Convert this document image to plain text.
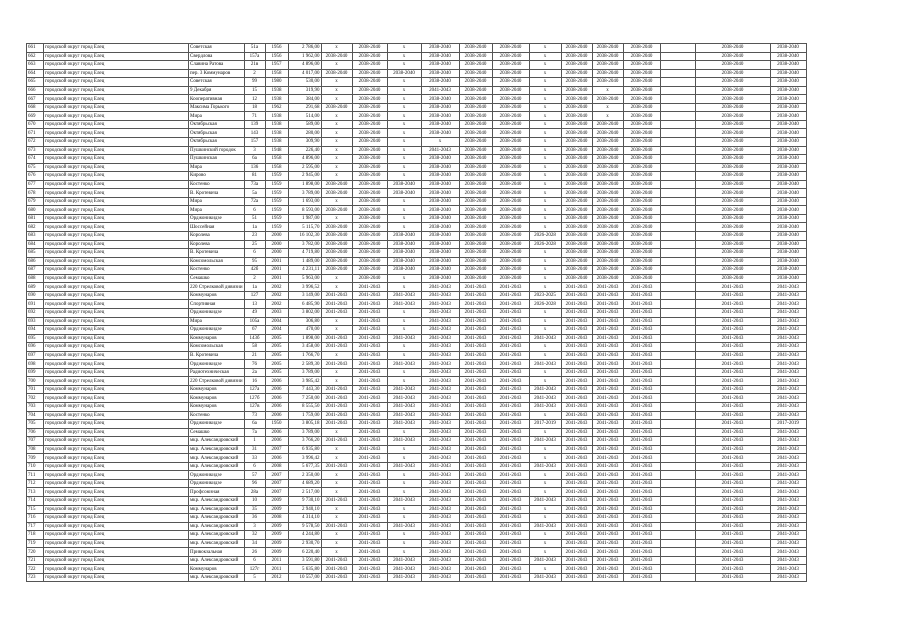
661	городской округ город Елец	Советская	51а	1956	2 786,00	x	2038-2040	x	2038-2040	2038-2040	2038-2040	x	2038-2040	2038-2040	2038-2040		2038-2040	2038-2040
662	городской округ город Елец	Свердлова	157а	1956	1 962,00	2038-2040	2038-2040	x	2038-2040	2038-2040	2038-2040	x	2038-2040	2038-2040	2038-2040		2038-2040	2038-2040
663	городской округ город Елец	Славина Ратова	21в	1957	4 896,00	x	2038-2040	x	2038-2040	2038-2040	2038-2040	x	2038-2040	2038-2040	2038-2040		2038-2040	2038-2040
664	городской округ город Елец	пер. 3 Коммунаров	2	1958	4 017,00	2038-2040	2038-2040	2038-2040	2038-2040	2038-2040	2038-2040	x	2038-2040	2038-2040	2038-2040		2038-2040	2038-2040
665	городской округ город Елец	Советская	99	1980	530,00	x	2038-2040	x	2038-2040	2038-2040	2038-2040	x	2038-2040	2038-2040	2038-2040		2038-2040	2038-2040
666	городской округ город Елец	9 Декабря	15	1938	319,90	x	2038-2040	x	2041-2043	2038-2040	2038-2040	x	2038-2040	x	2038-2040		2038-2040	2038-2040
667	городской округ город Елец	Кооперативная	12	1938	384,00	x	2038-2040	x	2038-2040	2038-2040	2038-2040	x	2038-2040	2038-2040	2038-2040		2038-2040	2038-2040
668	городской округ город Елец	Максима Горького	18	1962	291,68	2038-2040	2038-2040	x	2038-2040	2038-2040	2038-2040	x	2038-2040	x	2038-2040		2038-2040	2038-2040
669	городской округ город Елец	Мира	71	1938	514,00	x	2038-2040	x	2038-2040	2038-2040	2038-2040	x	2038-2040	x	2038-2040		2038-2040	2038-2040
670	городской округ город Елец	Октябрьская	139	1938	589,00	x	2038-2040	x	2038-2040	2038-2040	2038-2040	x	2038-2040	2038-2040	2038-2040		2038-2040	2038-2040
671	городской округ город Елец	Октябрьская	143	1938	280,00	x	2038-2040	x	2038-2040	2038-2040	2038-2040	x	2038-2040	2038-2040	2038-2040		2038-2040	2038-2040
672	городской округ город Елец	Октябрьская	157	1938	309,90	x	2038-2040	x	x	2038-2040	2038-2040	x	2038-2040	2038-2040	2038-2040		2038-2040	2038-2040
673	городской округ город Елец	Пушкинский городок	3	1948	226,40	x	2038-2040	x	2041-2043	2038-2040	2038-2040	x	2038-2040	2038-2040	2038-2040		2038-2040	2038-2040
674	городской округ город Елец	Пушкинская	6а	1958	4 896,00	x	2038-2040	x	2038-2040	2038-2040	2038-2040	x	2038-2040	2038-2040	2038-2040		2038-2040	2038-2040
675	городской округ город Елец	Мира	136	1958	2 595,00	x	2038-2040	x	2038-2040	2038-2040	2038-2040	x	2038-2040	2038-2040	2038-2040		2038-2040	2038-2040
676	городской округ город Елец	Кирово	81	1959	2 945,00	x	2038-2040	x	2038-2040	2038-2040	2038-2040	x	2038-2040	2038-2040	2038-2040		2038-2040	2038-2040
677	городской округ город Елец	Костенко	73а	1959	1 898,00	2038-2040	2038-2040	2038-2040	2038-2040	2038-2040	2038-2040	x	2038-2040	2038-2040	2038-2040		2038-2040	2038-2040
678	городской округ город Елец	В. Кротевича	5а	1959	3 789,00	2038-2040	2038-2040	2038-2040	2038-2040	2038-2040	2038-2040	x	2038-2040	2038-2040	2038-2040		2038-2040	2038-2040
679	городской округ город Елец	Мира	72а	1959	1 693,00	x	2038-2040	x	2038-2040	2038-2040	2038-2040	x	2038-2040	2038-2040	2038-2040		2038-2040	2038-2040
680	городской округ город Елец	Мира	6	1959	8 593,00	2038-2040	2038-2040	x	2038-2040	2038-2040	2038-2040	x	2038-2040	2038-2040	2038-2040		2038-2040	2038-2040
681	городской округ город Елец	Орджоникидзе	51	1959	1 987,00	x	2038-2040	x	2038-2040	2038-2040	2038-2040	x	2038-2040	2038-2040	2038-2040		2038-2040	2038-2040
682	городской округ город Елец	Шоссейная	1а	1959	5 115,70	2038-2040	2038-2040	x	2038-2040	2038-2040	2038-2040	x	2038-2040	2038-2040	2038-2040		2038-2040	2038-2040
683	городской округ город Елец	Королева	23	2000	16 102,30	2038-2040	2038-2040	2038-2040	2038-2040	2038-2040	2038-2040	2026-2028	2038-2040	2038-2040	2038-2040		2038-2040	2038-2040
684	городской округ город Елец	Королева	25	2000	3 782,00	2038-2040	2038-2040	2038-2040	2038-2040	2038-2040	2038-2040	2026-2028	2038-2040	2038-2040	2038-2040		2038-2040	2038-2040
685	городской округ город Елец	В. Кротевича	6	2000	4 719,80	2038-2040	2038-2040	2038-2040	2038-2040	2038-2040	2038-2040	x	2038-2040	2038-2040	2038-2040		2038-2040	2038-2040
686	городской округ город Елец	Комсомольская	95	2001	1 489,00	2038-2040	2038-2040	2038-2040	2038-2040	2038-2040	2038-2040	x	2038-2040	2038-2040	2038-2040		2038-2040	2038-2040
687	городской округ город Елец	Костенко	42б	2001	4 231,11	2038-2040	2038-2040	2038-2040	2038-2040	2038-2040	2038-2040	x	2038-2040	2038-2040	2038-2040		2038-2040	2038-2040
688	городской округ город Елец	Семашко	2	2001	5 963,00	x	2038-2040	x	2038-2040	2038-2040	2038-2040	x	2038-2040	2038-2040	2038-2040		2038-2040	2038-2040
689	городской округ город Елец	220 Стрелковой дивизии	1а	2002	3 996,52	x	2041-2043	x	2041-2043	2041-2043	2041-2043	x	2041-2043	2041-2043	2041-2043		2041-2043	2041-2043
690	городской округ город Елец	Коммунаров	127	2002	3 149,00	2041-2043	2041-2043	2041-2043	2041-2043	2041-2043	2041-2043	2023-2025	2041-2043	2041-2043	2041-2043		2041-2043	2041-2043
691	городской округ город Елец	Спортивная	13	2002	6 485,90	2041-2043	2041-2043	2041-2043	2041-2043	2041-2043	2041-2043	2026-2028	2041-2043	2041-2043	2041-2043		2041-2043	2041-2043
692	городской округ город Елец	Орджоникидзе	49	2003	3 802,00	2041-2043	2041-2043	x	2041-2043	2041-2043	2041-2043	x	2041-2043	2041-2043	2041-2043		2041-2043	2041-2043
693	городской округ город Елец	Мира	105а	2004	306,80	x	2041-2043	x	2041-2043	2041-2043	2041-2043	x	2041-2043	2041-2043	2041-2043		2041-2043	2041-2043
694	городской округ город Елец	Орджоникидзе	67	2004	470,00	x	2041-2043	x	2041-2043	2041-2043	2041-2043	x	2041-2043	2041-2043	2041-2043		2041-2043	2041-2043
695	городской округ город Елец	Коммунаров	143б	2005	1 898,00	2041-2043	2041-2043	2041-2043	2041-2043	2041-2043	2041-2043	2041-2043	2041-2043	2041-2043	2041-2043		2041-2043	2041-2043
696	городской округ город Елец	Комсомольская	58	2005	3 458,00	2041-2043	2041-2043	x	2041-2043	2041-2043	2041-2043	x	2041-2043	2041-2043	2041-2043		2041-2043	2041-2043
697	городской округ город Елец	В. Кротевича	21	2005	1 766,70	x	2041-2043	x	2041-2043	2041-2043	2041-2043	x	2041-2043	2041-2043	2041-2043		2041-2043	2041-2043
698	городской округ город Елец	Орджоникидзе	76	2005	2 589,30	2041-2043	2041-2043	2041-2043	2041-2043	2041-2043	2041-2043	2041-2043	2041-2043	2041-2043	2041-2043		2041-2043	2041-2043
699	городской округ город Елец	Радиотехническая	2а	2005	3 789,00	x	2041-2043	x	2041-2043	2041-2043	2041-2043	x	2041-2043	2041-2043	2041-2043		2041-2043	2041-2043
700	городской округ город Елец	220 Стрелковой дивизии	16	2006	3 985,42	x	2041-2043	x	2041-2043	2041-2043	2041-2043	x	2041-2043	2041-2043	2041-2043		2041-2043	2041-2043
701	городской округ город Елец	Коммунаров	127а	2006	7 443,30	2041-2043	2041-2043	2041-2043	2041-2043	2041-2043	2041-2043	2041-2043	2041-2043	2041-2043	2041-2043		2041-2043	2041-2043
702	городской округ город Елец	Коммунаров	127б	2006	7 250,00	2041-2043	2041-2043	2041-2043	2041-2043	2041-2043	2041-2043	2041-2043	2041-2043	2041-2043	2041-2043		2041-2043	2041-2043
703	городской округ город Елец	Коммунаров	127в	2006	8 555,50	2041-2043	2041-2043	2041-2043	2041-2043	2041-2043	2041-2043	2041-2043	2041-2043	2041-2043	2041-2043		2041-2043	2041-2043
704	городской округ город Елец	Костенко	73	2006	1 759,00	2041-2043	2041-2043	2041-2043	2041-2043	2041-2043	2041-2043	x	2041-2043	2041-2043	2041-2043		2041-2043	2041-2043
705	городской округ город Елец	Орджоникидзе	6а	1950	3 805,18	2041-2043	2041-2043	2041-2043	2041-2043	2041-2043	2041-2043	2017-2019	2041-2043	2041-2043	2041-2043		2041-2043	2017-2019
706	городской округ город Елец	Семашко	7а	2006	3 789,00	x	2041-2043	x	2041-2043	2041-2043	2041-2043	x	2041-2043	2041-2043	2041-2043		2041-2043	2041-2043
707	городской округ город Елец	мкр. Александровский	1	2006	3 766,20	2041-2043	2041-2043	2041-2043	2041-2043	2041-2043	2041-2043	2041-2043	2041-2043	2041-2043	2041-2043		2041-2043	2041-2043
708	городской округ город Елец	мкр. Александровский	31	2007	6 935,80	x	2041-2043	x	2041-2043	2041-2043	2041-2043	x	2041-2043	2041-2043	2041-2043		2041-2043	2041-2043
709	городской округ город Елец	мкр. Александровский	33	2006	3 996,42	x	2041-2043	x	2041-2043	2041-2043	2041-2043	x	2041-2043	2041-2043	2041-2043		2041-2043	2041-2043
710	городской округ город Елец	мкр. Александровский	6	2008	5 677,35	2041-2043	2041-2043	2041-2043	2041-2043	2041-2043	2041-2043	2041-2043	2041-2043	2041-2043	2041-2043		2041-2043	2041-2043
711	городской округ город Елец	Орджоникидзе	57	2007	2 350,00	x	2041-2043	x	2041-2043	2041-2043	2041-2043	x	2041-2043	2041-2043	2041-2043		2041-2043	2041-2043
712	городской округ город Елец	Орджоникидзе	96	2007	4 689,20	x	2041-2043	x	2041-2043	2041-2043	2041-2043	x	2041-2043	2041-2043	2041-2043		2041-2043	2041-2043
713	городской округ город Елец	Профсоюзная	28а	2007	2 517,00	x	2041-2043	x	2041-2043	2041-2043	2041-2043	x	2041-2043	2041-2043	2041-2043		2041-2043	2041-2043
714	городской округ город Елец	мкр. Александровский	10	2009	9 730,10	2041-2043	2041-2043	2041-2043	2041-2043	2041-2043	2041-2043	2041-2043	2041-2043	2041-2043	2041-2043		2041-2043	2041-2043
715	городской округ город Елец	мкр. Александровский	35	2009	2 940,10	x	2041-2043	x	2041-2043	2041-2043	2041-2043	x	2041-2043	2041-2043	2041-2043		2041-2043	2041-2043
716	городской округ город Елец	мкр. Александровский	36	2008	4 314,10	x	2041-2043	x	2041-2043	2041-2043	2041-2043	x	2041-2043	2041-2043	2041-2043		2041-2043	2041-2043
717	городской округ город Елец	мкр. Александровский	3	2009	9 578,50	2041-2043	2041-2043	2041-2043	2041-2043	2041-2043	2041-2043	2041-2043	2041-2043	2041-2043	2041-2043		2041-2043	2041-2043
718	городской округ город Елец	мкр. Александровский	32	2009	4 244,80	x	2041-2043	x	2041-2043	2041-2043	2041-2043	x	2041-2043	2041-2043	2041-2043		2041-2043	2041-2043
719	городской округ город Елец	мкр. Александровский	34	2009	2 930,70	x	2041-2043	x	2041-2043	2041-2043	2041-2043	x	2041-2043	2041-2043	2041-2043		2041-2043	2041-2043
720	городской округ город Елец	Привокзальная	26	2009	6 220,40	x	2041-2043	x	2041-2043	2041-2043	2041-2043	x	2041-2043	2041-2043	2041-2043		2041-2043	2041-2043
721	городской округ город Елец	мкр. Александровский	6	2011	3 591,80	2041-2043	2041-2043	2041-2043	2041-2043	2041-2043	2041-2043	2041-2043	2041-2043	2041-2043	2041-2043		2041-2043	2041-2043
722	городской округ город Елец	Коммунаров	127г	2011	5 635,80	2041-2043	2041-2043	2041-2043	2041-2043	2041-2043	2041-2043	x	2041-2043	2041-2043	2041-2043		2041-2043	2041-2043
723	городской округ город Елец	мкр. Александровский	5	2012	10 557,00	2041-2043	2041-2043	2041-2043	2041-2043	2041-2043	2041-2043	2041-2043	2041-2043	2041-2043	2041-2043		2041-2043	2041-2043
